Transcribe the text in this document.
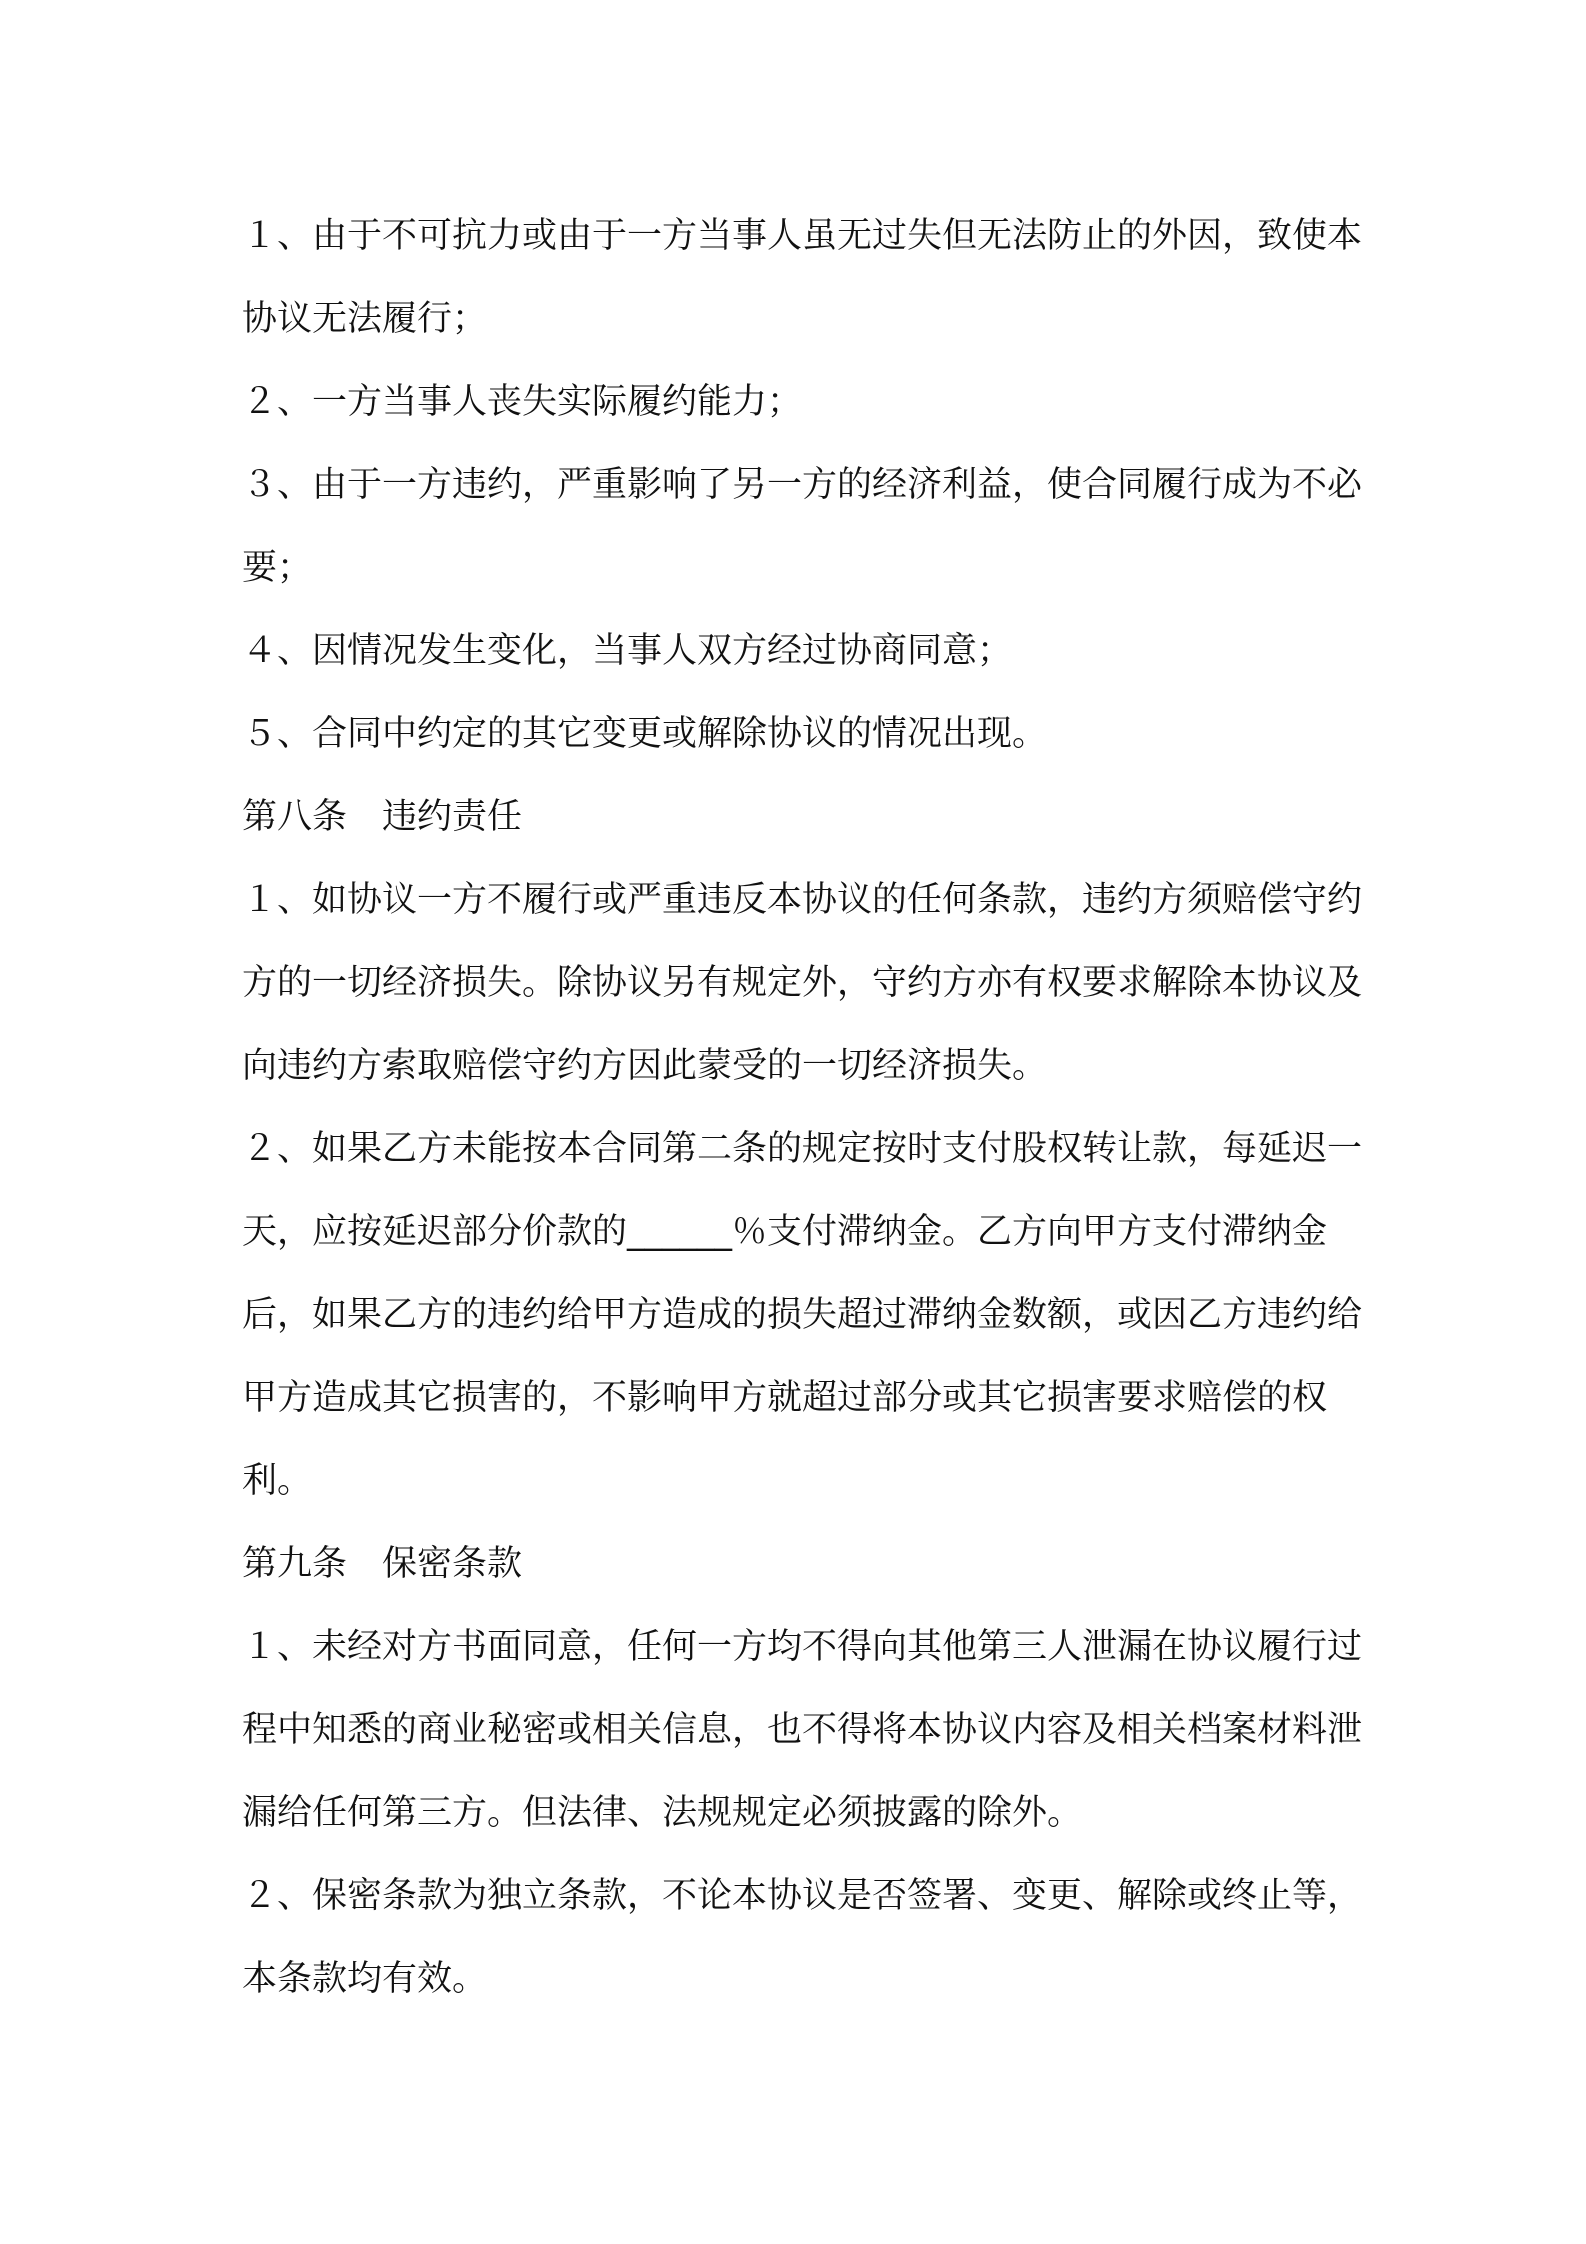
１、由于不可抗力或由于一方当事人虽无过失但无法防止的外因，致使本协议无法履行；

２、一方当事人丧失实际履约能力；

３、由于一方违约，严重影响了另一方的经济利益，使合同履行成为不必要；

４、因情况发生变化，当事人双方经过协商同意；

５、合同中约定的其它变更或解除协议的情况出现。

第八条　违约责任

１、如协议一方不履行或严重违反本协议的任何条款，违约方须赔偿守约方的一切经济损失。除协议另有规定外，守约方亦有权要求解除本协议及向违约方索取赔偿守约方因此蒙受的一切经济损失。

２、如果乙方未能按本合同第二条的规定按时支付股权转让款，每延迟一天，应按延迟部分价款的______％支付滞纳金。乙方向甲方支付滞纳金后，如果乙方的违约给甲方造成的损失超过滞纳金数额，或因乙方违约给甲方造成其它损害的，不影响甲方就超过部分或其它损害要求赔偿的权利。

第九条　保密条款

１、未经对方书面同意，任何一方均不得向其他第三人泄漏在协议履行过程中知悉的商业秘密或相关信息，也不得将本协议内容及相关档案材料泄漏给任何第三方。但法律、法规规定必须披露的除外。

２、保密条款为独立条款，不论本协议是否签署、变更、解除或终止等，本条款均有效。
